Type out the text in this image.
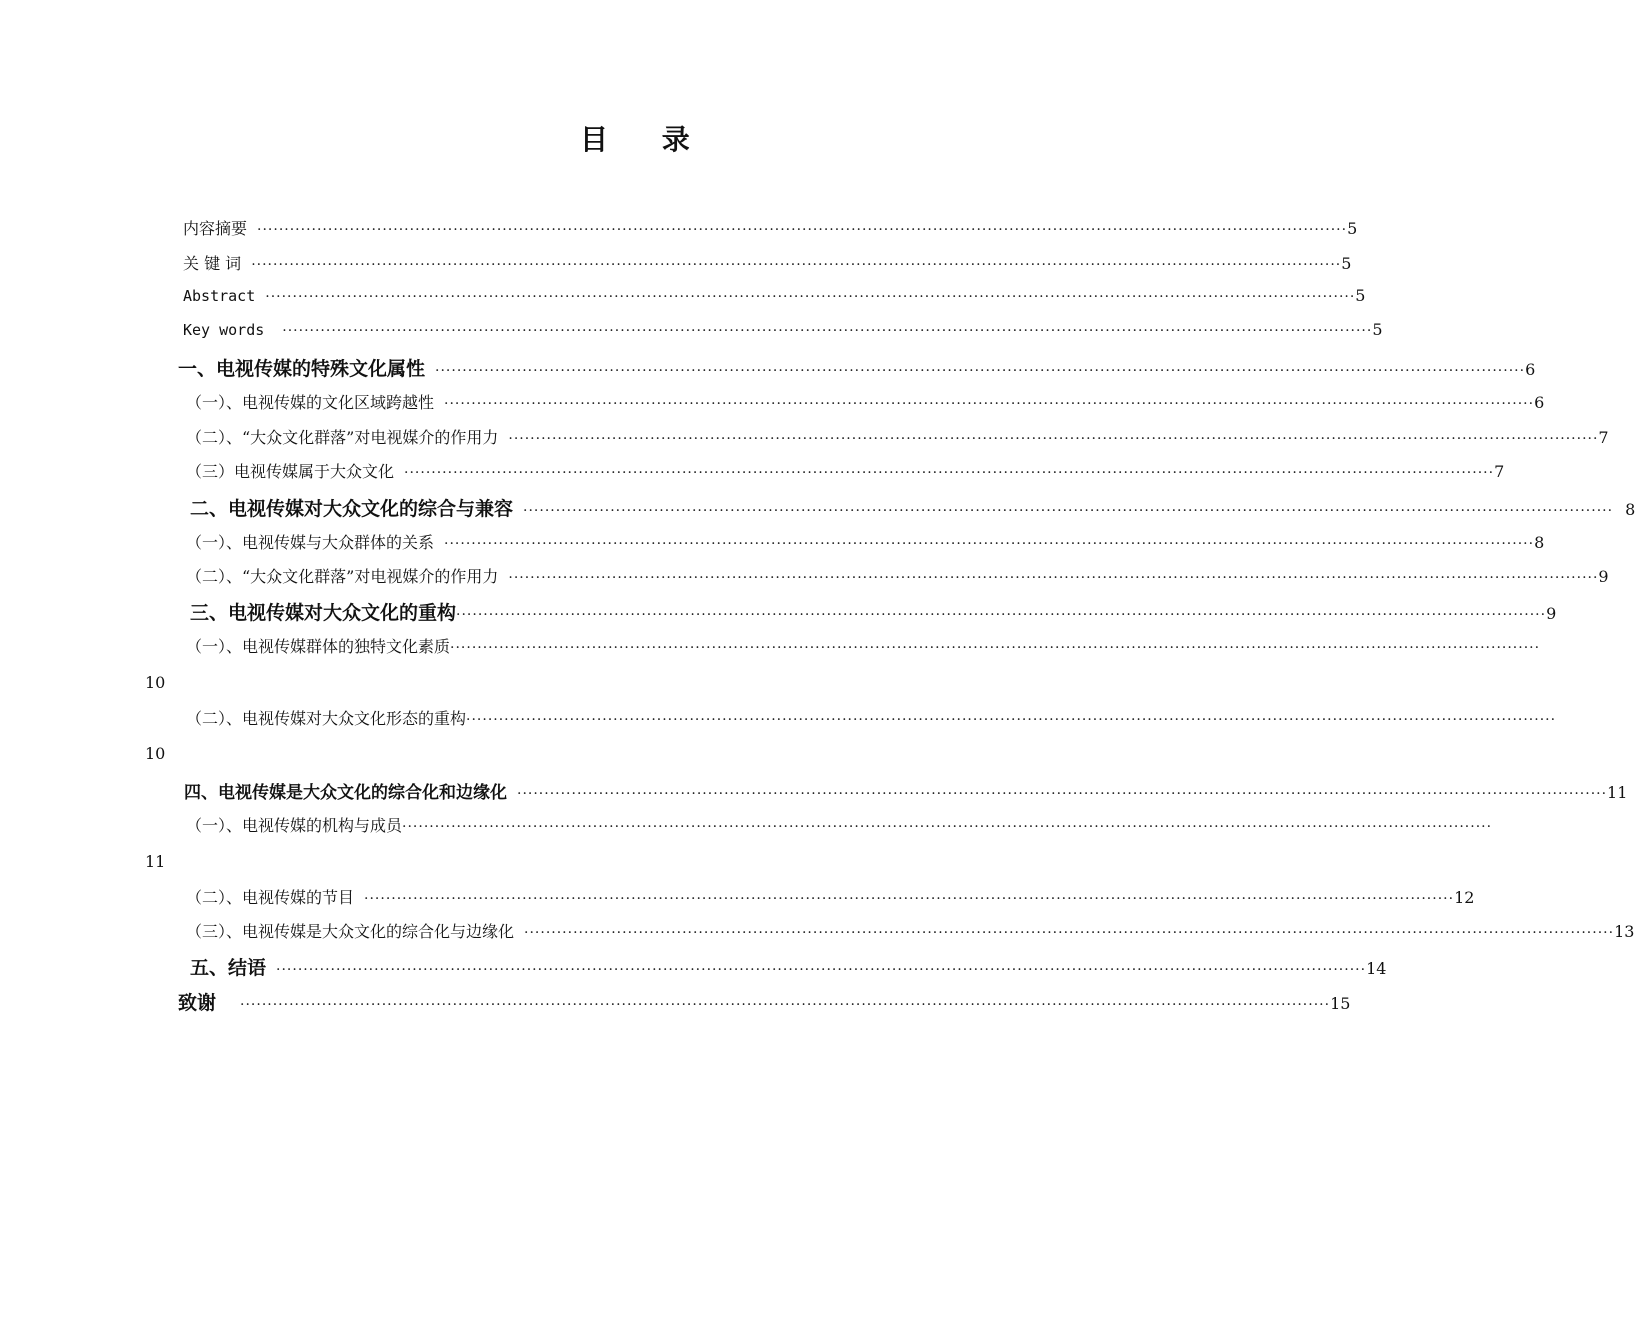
目 录
内容摘要 ········································································································································································································ 5
关 键 词 ········································································································································································································ 5
Abstract ········································································································································································································ 5
Key words ········································································································································································································ 5
一、电视传媒的特殊文化属性 ········································································································································································································ 6
（一）、电视传媒的文化区域跨越性 ········································································································································································································ 6
（二）、“大众文化群落”对电视媒介的作用力 ········································································································································································································ 7
（三）电视传媒属于大众文化 ········································································································································································································ 7
二、电视传媒对大众文化的综合与兼容 ········································································································································································································ 8
（一）、电视传媒与大众群体的关系 ········································································································································································································ 8
（二）、“大众文化群落”对电视媒介的作用力 ········································································································································································································ 9
三、电视传媒对大众文化的重构 ········································································································································································································ 9
（一）、电视传媒群体的独特文化素质 ········································································································································································································
10
（二）、电视传媒对大众文化形态的重构 ········································································································································································································
10
四、电视传媒是大众文化的综合化和边缘化 ········································································································································································································ 11
（一）、电视传媒的机构与成员 ········································································································································································································
11
（二）、电视传媒的节目 ········································································································································································································ 12
（三）、电视传媒是大众文化的综合化与边缘化 ········································································································································································································ 13
五、结语 ········································································································································································································ 14
致谢 ········································································································································································································ 15
